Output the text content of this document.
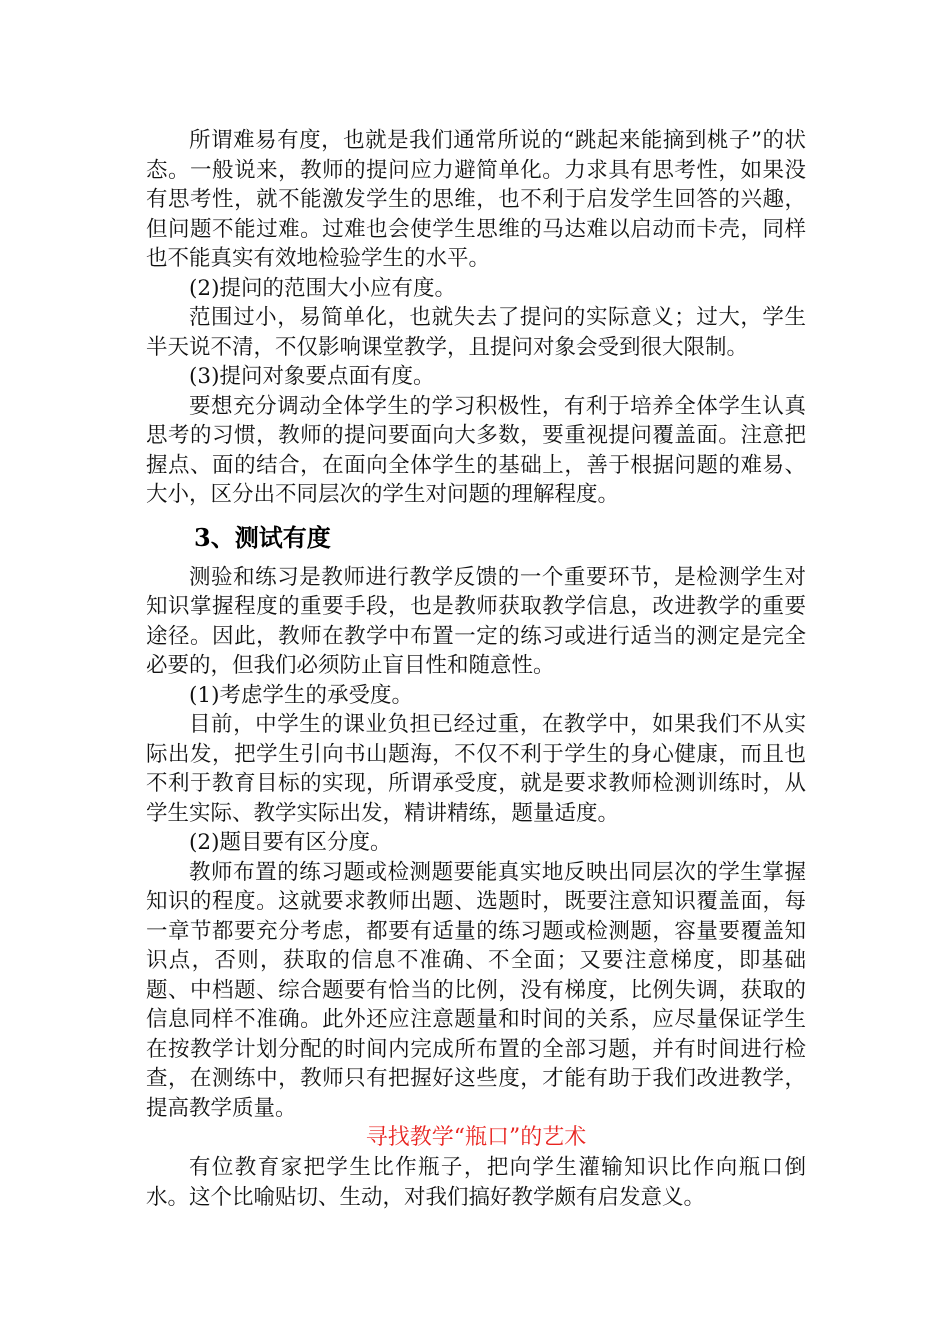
所谓难易有度，也就是我们通常所说的“跳起来能摘到桃子”的状态。一般说来，教师的提问应力避简单化。力求具有思考性，如果没有思考性，就不能激发学生的思维，也不利于启发学生回答的兴趣，但问题不能过难。过难也会使学生思维的马达难以启动而卡壳，同样也不能真实有效地检验学生的水平。

(2)提问的范围大小应有度。

范围过小，易简单化，也就失去了提问的实际意义；过大，学生半天说不清，不仅影响课堂教学，且提问对象会受到很大限制。

(3)提问对象要点面有度。

要想充分调动全体学生的学习积极性，有利于培养全体学生认真思考的习惯，教师的提问要面向大多数，要重视提问覆盖面。注意把握点、面的结合，在面向全体学生的基础上，善于根据问题的难易、大小，区分出不同层次的学生对问题的理解程度。

3、测试有度

测验和练习是教师进行教学反馈的一个重要环节，是检测学生对知识掌握程度的重要手段，也是教师获取教学信息，改进教学的重要途径。因此，教师在教学中布置一定的练习或进行适当的测定是完全必要的，但我们必须防止盲目性和随意性。

(1)考虑学生的承受度。

目前，中学生的课业负担已经过重，在教学中，如果我们不从实际出发，把学生引向书山题海，不仅不利于学生的身心健康，而且也不利于教育目标的实现，所谓承受度，就是要求教师检测训练时，从学生实际、教学实际出发，精讲精练，题量适度。

(2)题目要有区分度。

教师布置的练习题或检测题要能真实地反映出同层次的学生掌握知识的程度。这就要求教师出题、选题时，既要注意知识覆盖面，每一章节都要充分考虑，都要有适量的练习题或检测题，容量要覆盖知识点，否则，获取的信息不准确、不全面；又要注意梯度，即基础题、中档题、综合题要有恰当的比例，没有梯度，比例失调，获取的信息同样不准确。此外还应注意题量和时间的关系，应尽量保证学生在按教学计划分配的时间内完成所布置的全部习题，并有时间进行检查，在测练中，教师只有把握好这些度，才能有助于我们改进教学，提高教学质量。

寻找教学“瓶口”的艺术

有位教育家把学生比作瓶子，把向学生灌输知识比作向瓶口倒水。这个比喻贴切、生动，对我们搞好教学颇有启发意义。
